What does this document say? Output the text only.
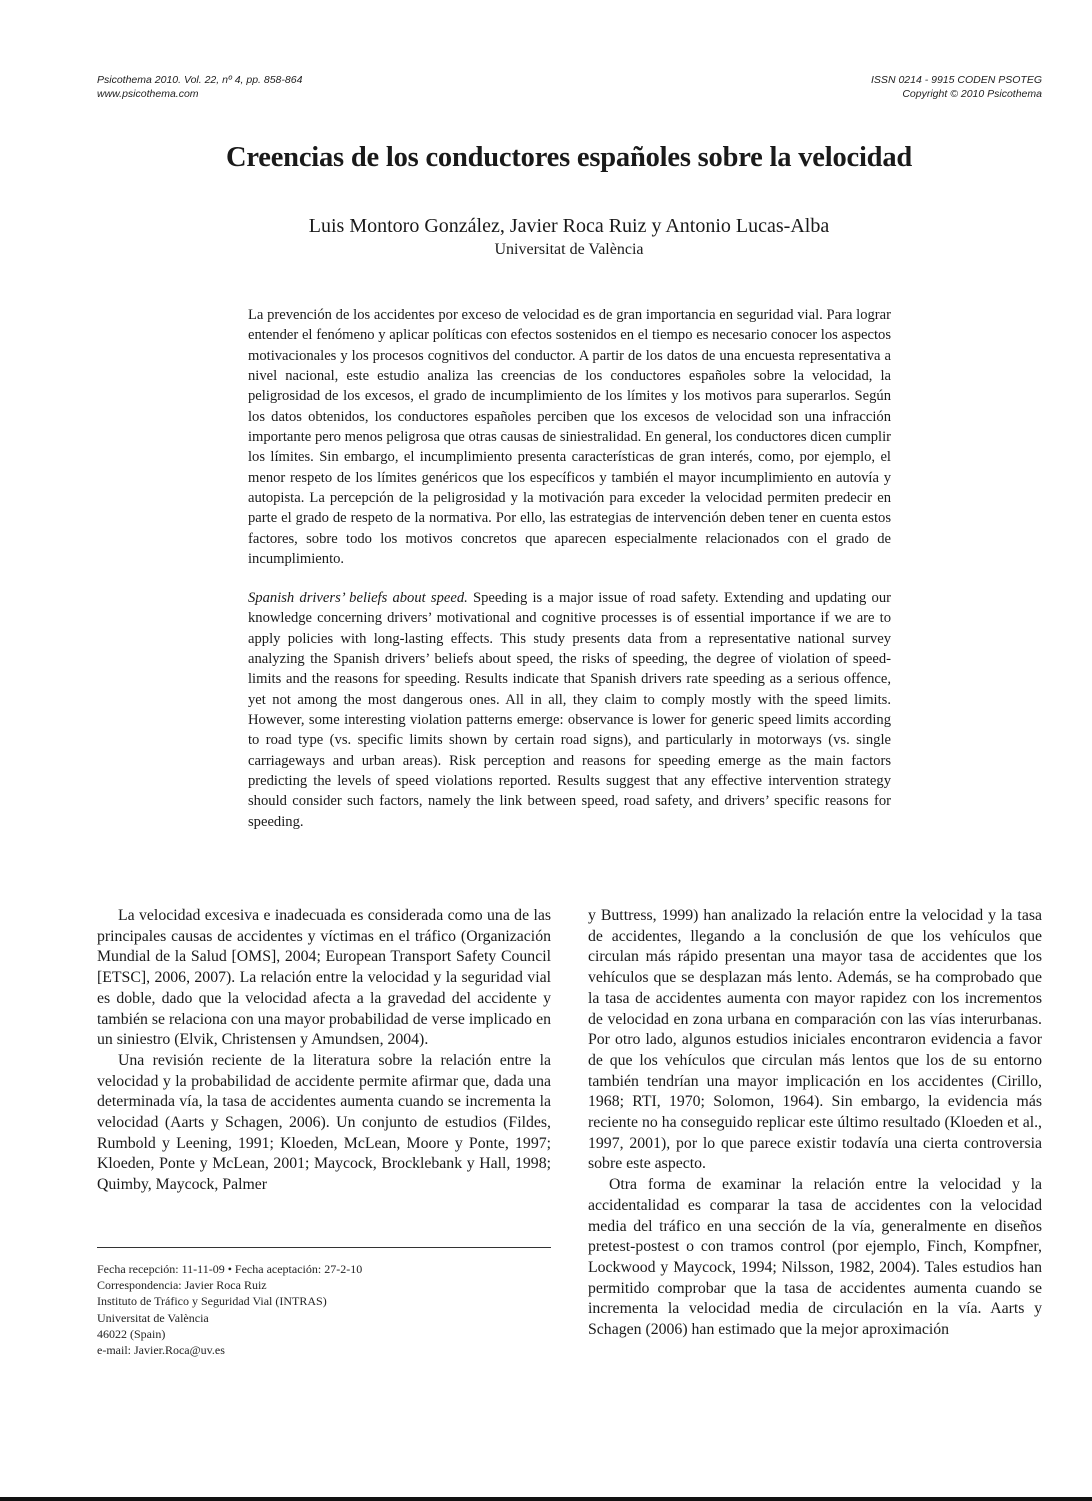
Psicothema 2010. Vol. 22, nº 4, pp. 858-864
www.psicothema.com
ISSN 0214 - 9915 CODEN PSOTEG
Copyright © 2010 Psicothema
Creencias de los conductores españoles sobre la velocidad
Luis Montoro González, Javier Roca Ruiz y Antonio Lucas-Alba
Universitat de València
La prevención de los accidentes por exceso de velocidad es de gran importancia en seguridad vial. Para lograr entender el fenómeno y aplicar políticas con efectos sostenidos en el tiempo es necesario conocer los aspectos motivacionales y los procesos cognitivos del conductor. A partir de los datos de una encuesta representativa a nivel nacional, este estudio analiza las creencias de los conductores españoles sobre la velocidad, la peligrosidad de los excesos, el grado de incumplimiento de los límites y los motivos para superarlos. Según los datos obtenidos, los conductores españoles perciben que los excesos de velocidad son una infracción importante pero menos peligrosa que otras causas de siniestralidad. En general, los conductores dicen cumplir los límites. Sin embargo, el incumplimiento presenta características de gran interés, como, por ejemplo, el menor respeto de los límites genéricos que los específicos y también el mayor incumplimiento en autovía y autopista. La percepción de la peligrosidad y la motivación para exceder la velocidad permiten predecir en parte el grado de respeto de la normativa. Por ello, las estrategias de intervención deben tener en cuenta estos factores, sobre todo los motivos concretos que aparecen especialmente relacionados con el grado de incumplimiento.
Spanish drivers’ beliefs about speed. Speeding is a major issue of road safety. Extending and updating our knowledge concerning drivers’ motivational and cognitive processes is of essential importance if we are to apply policies with long-lasting effects. This study presents data from a representative national survey analyzing the Spanish drivers’ beliefs about speed, the risks of speeding, the degree of violation of speed-limits and the reasons for speeding. Results indicate that Spanish drivers rate speeding as a serious offence, yet not among the most dangerous ones. All in all, they claim to comply mostly with the speed limits. However, some interesting violation patterns emerge: observance is lower for generic speed limits according to road type (vs. specific limits shown by certain road signs), and particularly in motorways (vs. single carriageways and urban areas). Risk perception and reasons for speeding emerge as the main factors predicting the levels of speed violations reported. Results suggest that any effective intervention strategy should consider such factors, namely the link between speed, road safety, and drivers’ specific reasons for speeding.

La velocidad excesiva e inadecuada es considerada como una de las principales causas de accidentes y víctimas en el tráfico (Organización Mundial de la Salud [OMS], 2004; European Transport Safety Council [ETSC], 2006, 2007). La relación entre la velocidad y la seguridad vial es doble, dado que la velocidad afecta a la gravedad del accidente y también se relaciona con una mayor probabilidad de verse implicado en un siniestro (Elvik, Christensen y Amundsen, 2004).

Una revisión reciente de la literatura sobre la relación entre la velocidad y la probabilidad de accidente permite afirmar que, dada una determinada vía, la tasa de accidentes aumenta cuando se incrementa la velocidad (Aarts y Schagen, 2006). Un conjunto de estudios (Fildes, Rumbold y Leening, 1991; Kloeden, McLean, Moore y Ponte, 1997; Kloeden, Ponte y McLean, 2001; Maycock, Brocklebank y Hall, 1998; Quimby, Maycock, Palmer

Fecha recepción: 11-11-09 • Fecha aceptación: 27-2-10
Correspondencia: Javier Roca Ruiz
Instituto de Tráfico y Seguridad Vial (INTRAS)
Universitat de València
46022 (Spain)
e-mail: Javier.Roca@uv.es

y Buttress, 1999) han analizado la relación entre la velocidad y la tasa de accidentes, llegando a la conclusión de que los vehículos que circulan más rápido presentan una mayor tasa de accidentes que los vehículos que se desplazan más lento. Además, se ha comprobado que la tasa de accidentes aumenta con mayor rapidez con los incrementos de velocidad en zona urbana en comparación con las vías interurbanas. Por otro lado, algunos estudios iniciales encontraron evidencia a favor de que los vehículos que circulan más lentos que los de su entorno también tendrían una mayor implicación en los accidentes (Cirillo, 1968; RTI, 1970; Solomon, 1964). Sin embargo, la evidencia más reciente no ha conseguido replicar este último resultado (Kloeden et al., 1997, 2001), por lo que parece existir todavía una cierta controversia sobre este aspecto.

Otra forma de examinar la relación entre la velocidad y la accidentalidad es comparar la tasa de accidentes con la velocidad media del tráfico en una sección de la vía, generalmente en diseños pretest-postest o con tramos control (por ejemplo, Finch, Kompfner, Lockwood y Maycock, 1994; Nilsson, 1982, 2004). Tales estudios han permitido comprobar que la tasa de accidentes aumenta cuando se incrementa la velocidad media de circulación en la vía. Aarts y Schagen (2006) han estimado que la mejor aproximación
